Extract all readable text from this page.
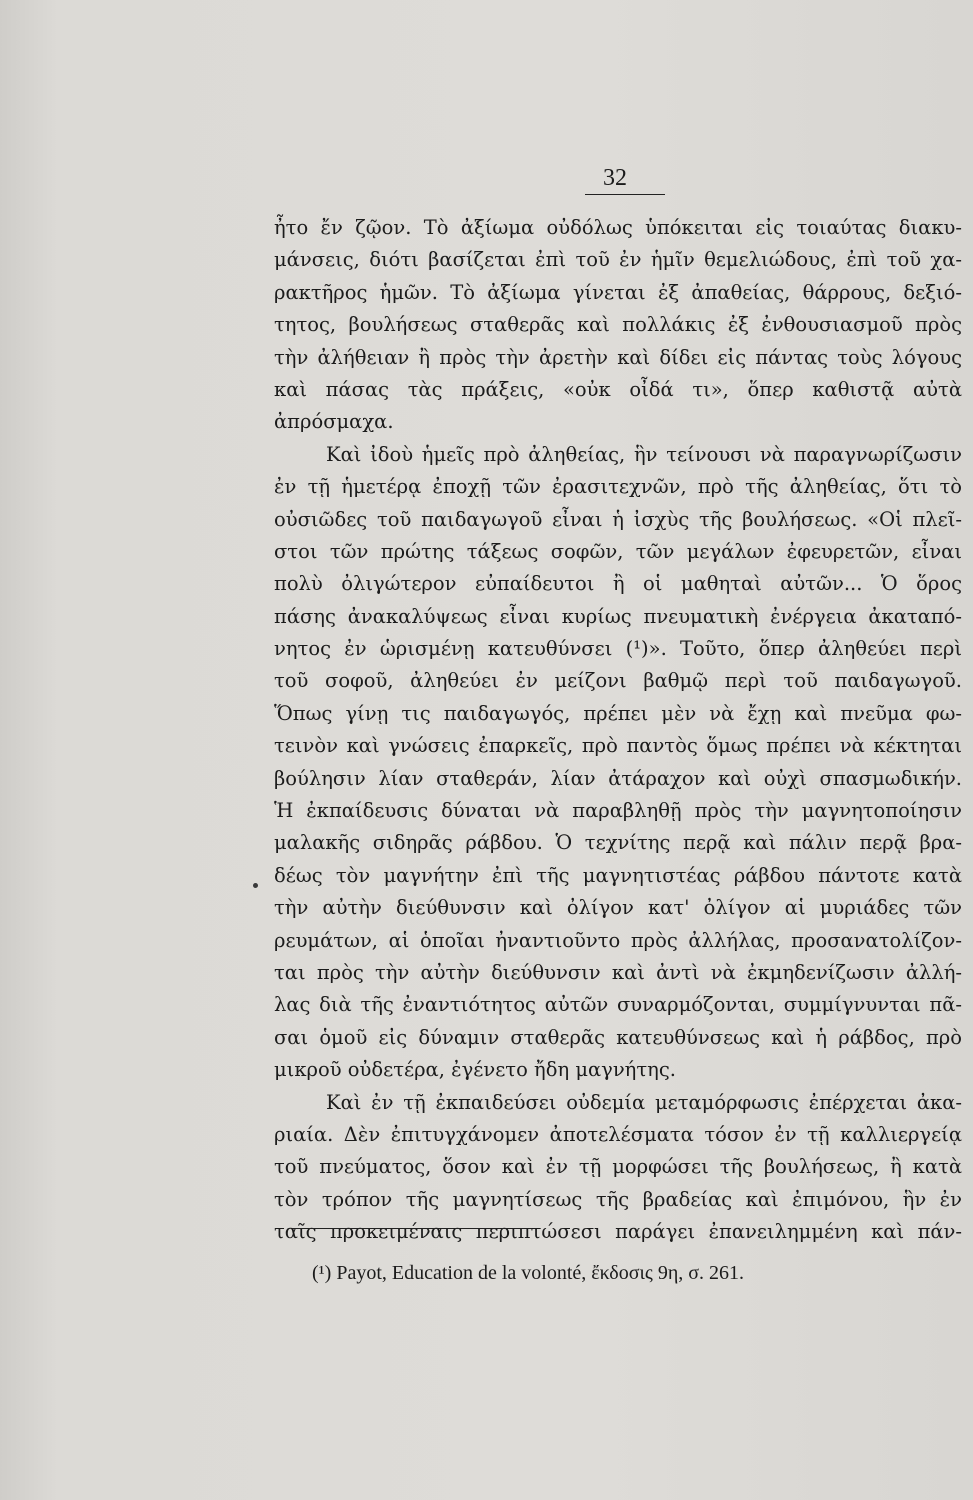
32
ἦτο ἔν ζῷον. Τὸ ἀξίωμα οὐδόλως ὑπόκειται εἰς τοιαύτας διακυ-
μάνσεις, διότι βασίζεται ἐπὶ τοῦ ἐν ἡμῖν θεμελιώδους, ἐπὶ τοῦ χα-
ρακτῆρος ἡμῶν. Τὸ ἀξίωμα γίνεται ἐξ ἀπαθείας, θάρρους, δεξιό-
τητος, βουλήσεως σταθερᾶς καὶ πολλάκις ἐξ ἐνθουσιασμοῦ πρὸς
τὴν ἀλήθειαν ἢ πρὸς τὴν ἀρετὴν καὶ δίδει εἰς πάντας τοὺς λόγους
καὶ πάσας τὰς πράξεις, «οὐκ οἶδά τι», ὅπερ καθιστᾷ αὐτὰ
ἀπρόσμαχα.
Καὶ ἰδοὺ ἡμεῖς πρὸ ἀληθείας, ἣν τείνουσι νὰ παραγνωρίζωσιν
ἐν τῇ ἡμετέρᾳ ἐποχῇ τῶν ἐρασιτεχνῶν, πρὸ τῆς ἀληθείας, ὅτι τὸ
οὐσιῶδες τοῦ παιδαγωγοῦ εἶναι ἡ ἰσχὺς τῆς βουλήσεως. «Οἱ πλεῖ-
στοι τῶν πρώτης τάξεως σοφῶν, τῶν μεγάλων ἐφευρετῶν, εἶναι
πολὺ ὀλιγώτερον εὐπαίδευτοι ἢ οἱ μαθηταὶ αὐτῶν... Ὁ ὅρος
πάσης ἀνακαλύψεως εἶναι κυρίως πνευματικὴ ἐνέργεια ἀκαταπό-
νητος ἐν ὡρισμένῃ κατευθύνσει (¹)». Τοῦτο, ὅπερ ἀληθεύει περὶ
τοῦ σοφοῦ, ἀληθεύει ἐν μείζονι βαθμῷ περὶ τοῦ παιδαγωγοῦ.
Ὅπως γίνῃ τις παιδαγωγός, πρέπει μὲν νὰ ἔχῃ καὶ πνεῦμα φω-
τεινὸν καὶ γνώσεις ἐπαρκεῖς, πρὸ παντὸς ὅμως πρέπει νὰ κέκτηται
βούλησιν λίαν σταθεράν, λίαν ἀτάραχον καὶ οὐχὶ σπασμωδικήν.
Ἡ ἐκπαίδευσις δύναται νὰ παραβληθῇ πρὸς τὴν μαγνητοποίησιν
μαλακῆς σιδηρᾶς ράβδου. Ὁ τεχνίτης περᾷ καὶ πάλιν περᾷ βρα-
δέως τὸν μαγνήτην ἐπὶ τῆς μαγνητιστέας ράβδου πάντοτε κατὰ
τὴν αὐτὴν διεύθυνσιν καὶ ὀλίγον κατ' ὀλίγον αἱ μυριάδες τῶν
ρευμάτων, αἱ ὁποῖαι ἠναντιοῦντο πρὸς ἀλλήλας, προσανατολίζον-
ται πρὸς τὴν αὐτὴν διεύθυνσιν καὶ ἀντὶ νὰ ἐκμηδενίζωσιν ἀλλή-
λας διὰ τῆς ἐναντιότητος αὐτῶν συναρμόζονται, συμμίγνυνται πᾶ-
σαι ὁμοῦ εἰς δύναμιν σταθερᾶς κατευθύνσεως καὶ ἡ ράβδος, πρὸ
μικροῦ οὐδετέρα, ἐγένετο ἤδη μαγνήτης.
Καὶ ἐν τῇ ἐκπαιδεύσει οὐδεμία μεταμόρφωσις ἐπέρχεται ἀκα-
ριαία. Δὲν ἐπιτυγχάνομεν ἀποτελέσματα τόσον ἐν τῇ καλλιεργείᾳ
τοῦ πνεύματος, ὅσον καὶ ἐν τῇ μορφώσει τῆς βουλήσεως, ἢ κατὰ
τὸν τρόπον τῆς μαγνητίσεως τῆς βραδείας καὶ ἐπιμόνου, ἣν ἐν
ταῖς προκειμέναις περιπτώσεσι παράγει ἐπανειλημμένη καὶ πάν-
(¹) Payot, Education de la volonté, ἔκδοσις 9η, σ. 261.
